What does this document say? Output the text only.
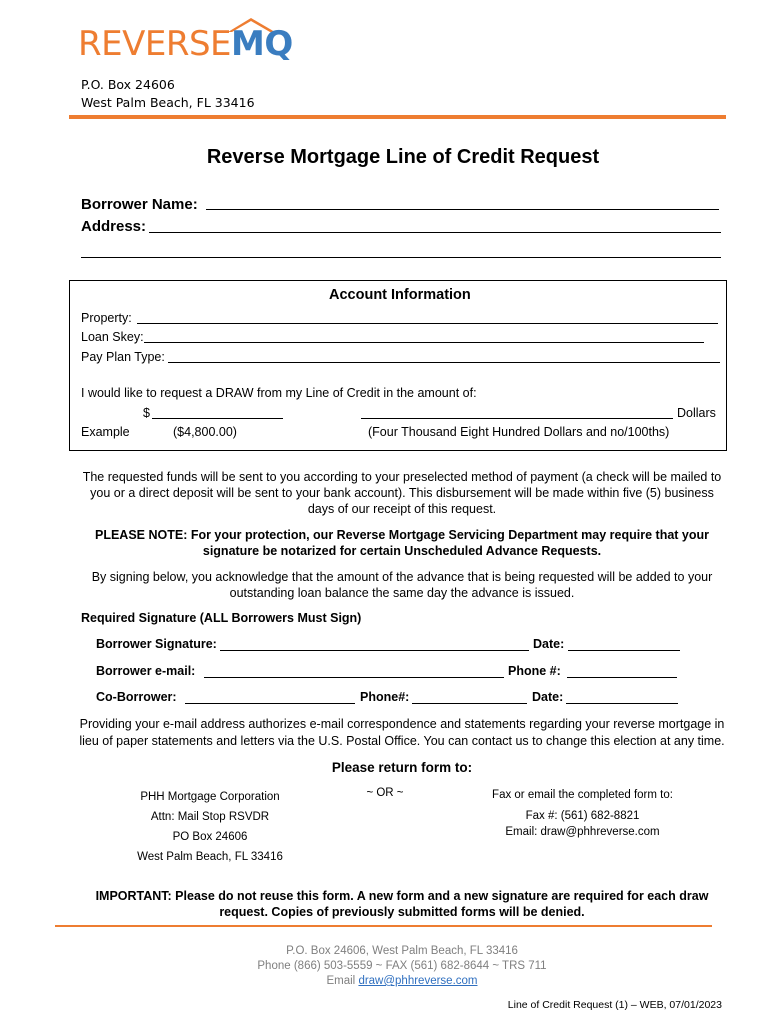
REVERSEMQ
P.O. Box 24606
West Palm Beach, FL 33416
Reverse Mortgage Line of Credit Request
Borrower Name:
Address:
Account Information
Property:
Loan Skey:
Pay Plan Type:
I would like to request a DRAW from my Line of Credit in the amount of:
$	Dollars
Example	($4,800.00)	(Four Thousand Eight Hundred Dollars and no/100ths)
The requested funds will be sent to you according to your preselected method of payment (a check will be mailed to
you or a direct deposit will be sent to your bank account). This disbursement will be made within five (5) business
days of our receipt of this request.
PLEASE NOTE: For your protection, our Reverse Mortgage Servicing Department may require that your
signature be notarized for certain Unscheduled Advance Requests.
By signing below, you acknowledge that the amount of the advance that is being requested will be added to your
outstanding loan balance the same day the advance is issued.
Required Signature (ALL Borrowers Must Sign)
Borrower Signature:	Date:
Borrower e-mail:	Phone #:
Co-Borrower:	Phone#:	Date:
Providing your e-mail address authorizes e-mail correspondence and statements regarding your reverse mortgage in
lieu of paper statements and letters via the U.S. Postal Office. You can contact us to change this election at any time.
Please return form to:
PHH Mortgage Corporation
Attn: Mail Stop RSVDR
PO Box 24606
West Palm Beach, FL 33416
~ OR ~	Fax or email the completed form to:
Fax #: (561) 682-8821
Email: draw@phhreverse.com
IMPORTANT: Please do not reuse this form. A new form and a new signature are required for each draw
request. Copies of previously submitted forms will be denied.
P.O. Box 24606, West Palm Beach, FL 33416
Phone (866) 503-5559 ~ FAX (561) 682-8644 ~ TRS 711
Email draw@phhreverse.com
Line of Credit Request (1) – WEB, 07/01/2023
